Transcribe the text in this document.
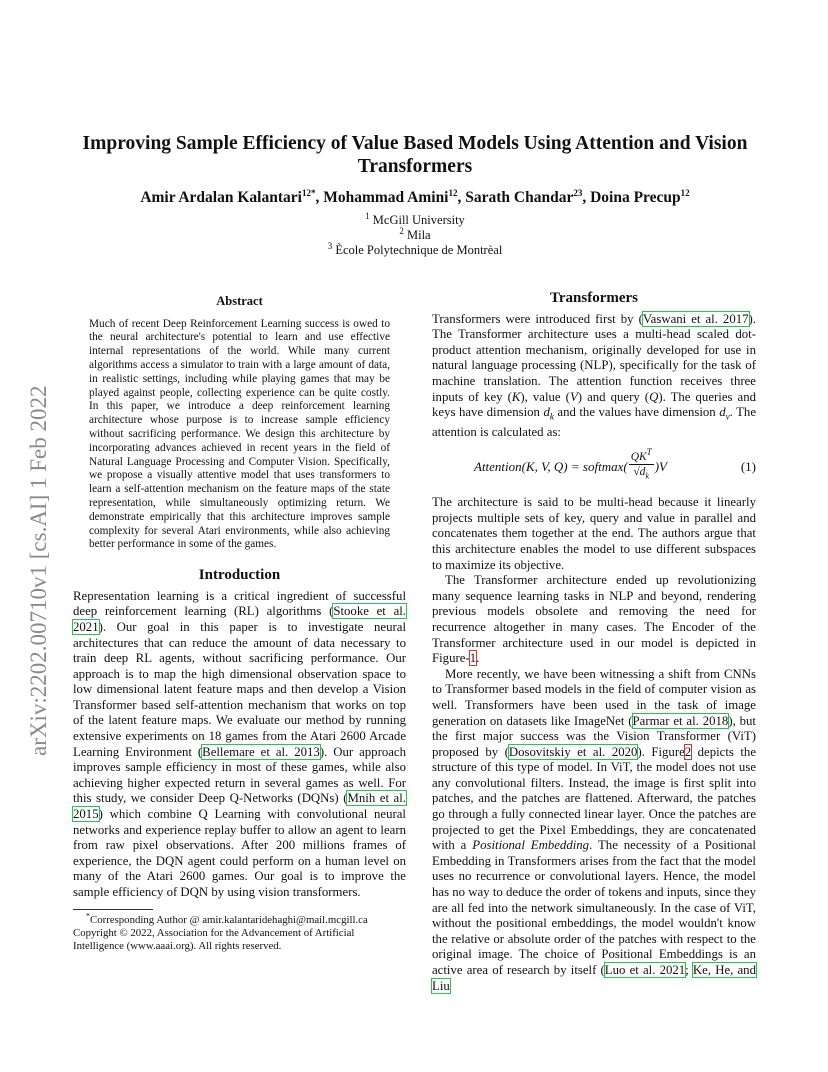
arXiv:2202.00710v1 [cs.AI] 1 Feb 2022
Improving Sample Efficiency of Value Based Models Using Attention and Vision
Transformers
Amir Ardalan Kalantari$^{12*}$, Mohammad Amini$^{12}$, Sarath Chandar$^{23}$, Doina Precup$^{12}$
$^1$ McGill University
$^2$ Mila
$^3$ Ècole Polytechnique de Montrèal
Abstract

Much of recent Deep Reinforcement Learning success is owed to the neural architecture's potential to learn and use effective internal representations of the world. While many current algorithms access a simulator to train with a large amount of data, in realistic settings, including while playing games that may be played against people, collecting experience can be quite costly. In this paper, we introduce a deep reinforcement learning architecture whose purpose is to increase sample efficiency without sacrificing performance. We design this architecture by incorporating advances achieved in recent years in the field of Natural Language Processing and Computer Vision. Specifically, we propose a visually attentive model that uses transformers to learn a self-attention mechanism on the feature maps of the state representation, while simultaneously optimizing return. We demonstrate empirically that this architecture improves sample complexity for several Atari environments, while also achieving better performance in some of the games.

Introduction

Representation learning is a critical ingredient of successful deep reinforcement learning (RL) algorithms (Stooke et al. 2021). Our goal in this paper is to investigate neural architectures that can reduce the amount of data necessary to train deep RL agents, without sacrificing performance. Our approach is to map the high dimensional observation space to low dimensional latent feature maps and then develop a Vision Transformer based self-attention mechanism that works on top of the latent feature maps. We evaluate our method by running extensive experiments on 18 games from the Atari 2600 Arcade Learning Environment (Bellemare et al. 2013). Our approach improves sample efficiency in most of these games, while also achieving higher expected return in several games as well. For this study, we consider Deep Q-Networks (DQNs) (Mnih et al. 2015) which combine Q Learning with convolutional neural networks and experience replay buffer to allow an agent to learn from raw pixel observations. After 200 millions frames of experience, the DQN agent could perform on a human level on many of the Atari 2600 games. Our goal is to improve the sample efficiency of DQN by using vision transformers.

*Corresponding Author @ amir.kalantaridehaghi@mail.mcgill.ca
Copyright © 2022, Association for the Advancement of Artificial Intelligence (www.aaai.org). All rights reserved.
Transformers

Transformers were introduced first by (Vaswani et al. 2017). The Transformer architecture uses a multi-head scaled dot-product attention mechanism, originally developed for use in natural language processing (NLP), specifically for the task of machine translation. The attention function receives three inputs of key (K), value (V) and query (Q). The queries and keys have dimension $d_k$ and the values have dimension $d_v$. The attention is calculated as:

Attention(K, V, Q) = softmax( $\frac{QK^T}{√d_k} )V$	(1)

The architecture is said to be multi-head because it linearly projects multiple sets of key, query and value in parallel and concatenates them together at the end. The authors argue that this architecture enables the model to use different subspaces to maximize its objective.

The Transformer architecture ended up revolutionizing many sequence learning tasks in NLP and beyond, rendering previous models obsolete and removing the need for recurrence altogether in many cases. The Encoder of the Transformer architecture used in our model is depicted in Figure-1.

More recently, we have been witnessing a shift from CNNs to Transformer based models in the field of computer vision as well. Transformers have been used in the task of image generation on datasets like ImageNet (Parmar et al. 2018), but the first major success was the Vision Transformer (ViT) proposed by (Dosovitskiy et al. 2020). Figure2 depicts the structure of this type of model. In ViT, the model does not use any convolutional filters. Instead, the image is first split into patches, and the patches are flattened. Afterward, the patches go through a fully connected linear layer. Once the patches are projected to get the Pixel Embeddings, they are concatenated with a Positional Embedding. The necessity of a Positional Embedding in Transformers arises from the fact that the model uses no recurrence or convolutional layers. Hence, the model has no way to deduce the order of tokens and inputs, since they are all fed into the network simultaneously. In the case of ViT, without the positional embeddings, the model wouldn't know the relative or absolute order of the patches with respect to the original image. The choice of Positional Embeddings is an active area of research by itself (Luo et al. 2021; Ke, He, and Liu
